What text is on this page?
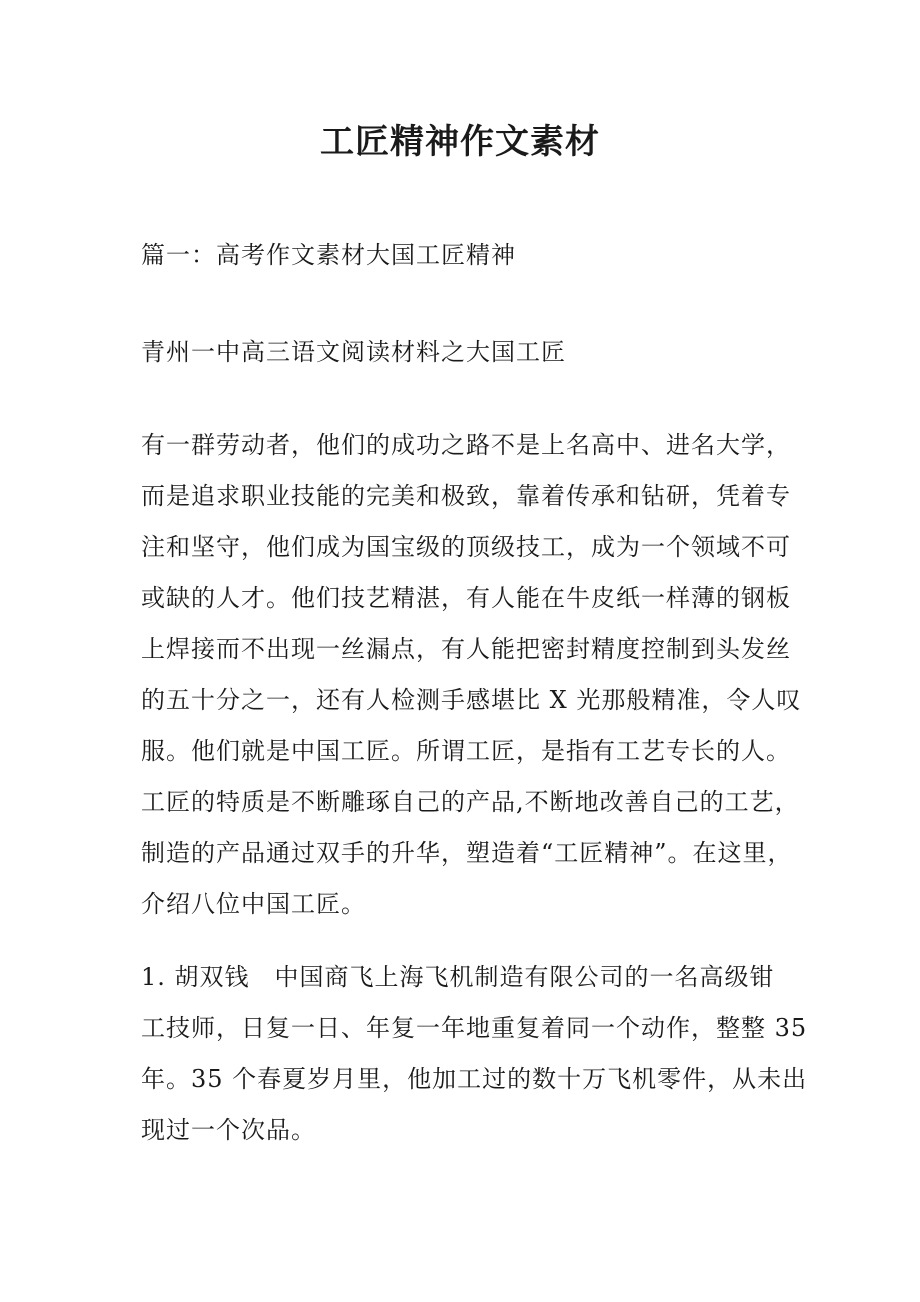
工匠精神作文素材

篇一：高考作文素材大国工匠精神

青州一中高三语文阅读材料之大国工匠

有一群劳动者，他们的成功之路不是上名高中、进名大学，
而是追求职业技能的完美和极致，靠着传承和钻研，凭着专
注和坚守，他们成为国宝级的顶级技工，成为一个领域不可
或缺的人才。他们技艺精湛，有人能在牛皮纸一样薄的钢板
上焊接而不出现一丝漏点，有人能把密封精度控制到头发丝
的五十分之一，还有人检测手感堪比 X 光那般精准，令人叹
服。他们就是中国工匠。所谓工匠，是指有工艺专长的人。
工匠的特质是不断雕琢自己的产品,不断地改善自己的工艺，
制造的产品通过双手的升华，塑造着“工匠精神”。在这里，
介绍八位中国工匠。
1. 胡双钱　中国商飞上海飞机制造有限公司的一名高级钳
工技师，日复一日、年复一年地重复着同一个动作，整整 35
年。35 个春夏岁月里，他加工过的数十万飞机零件，从未出
现过一个次品。
